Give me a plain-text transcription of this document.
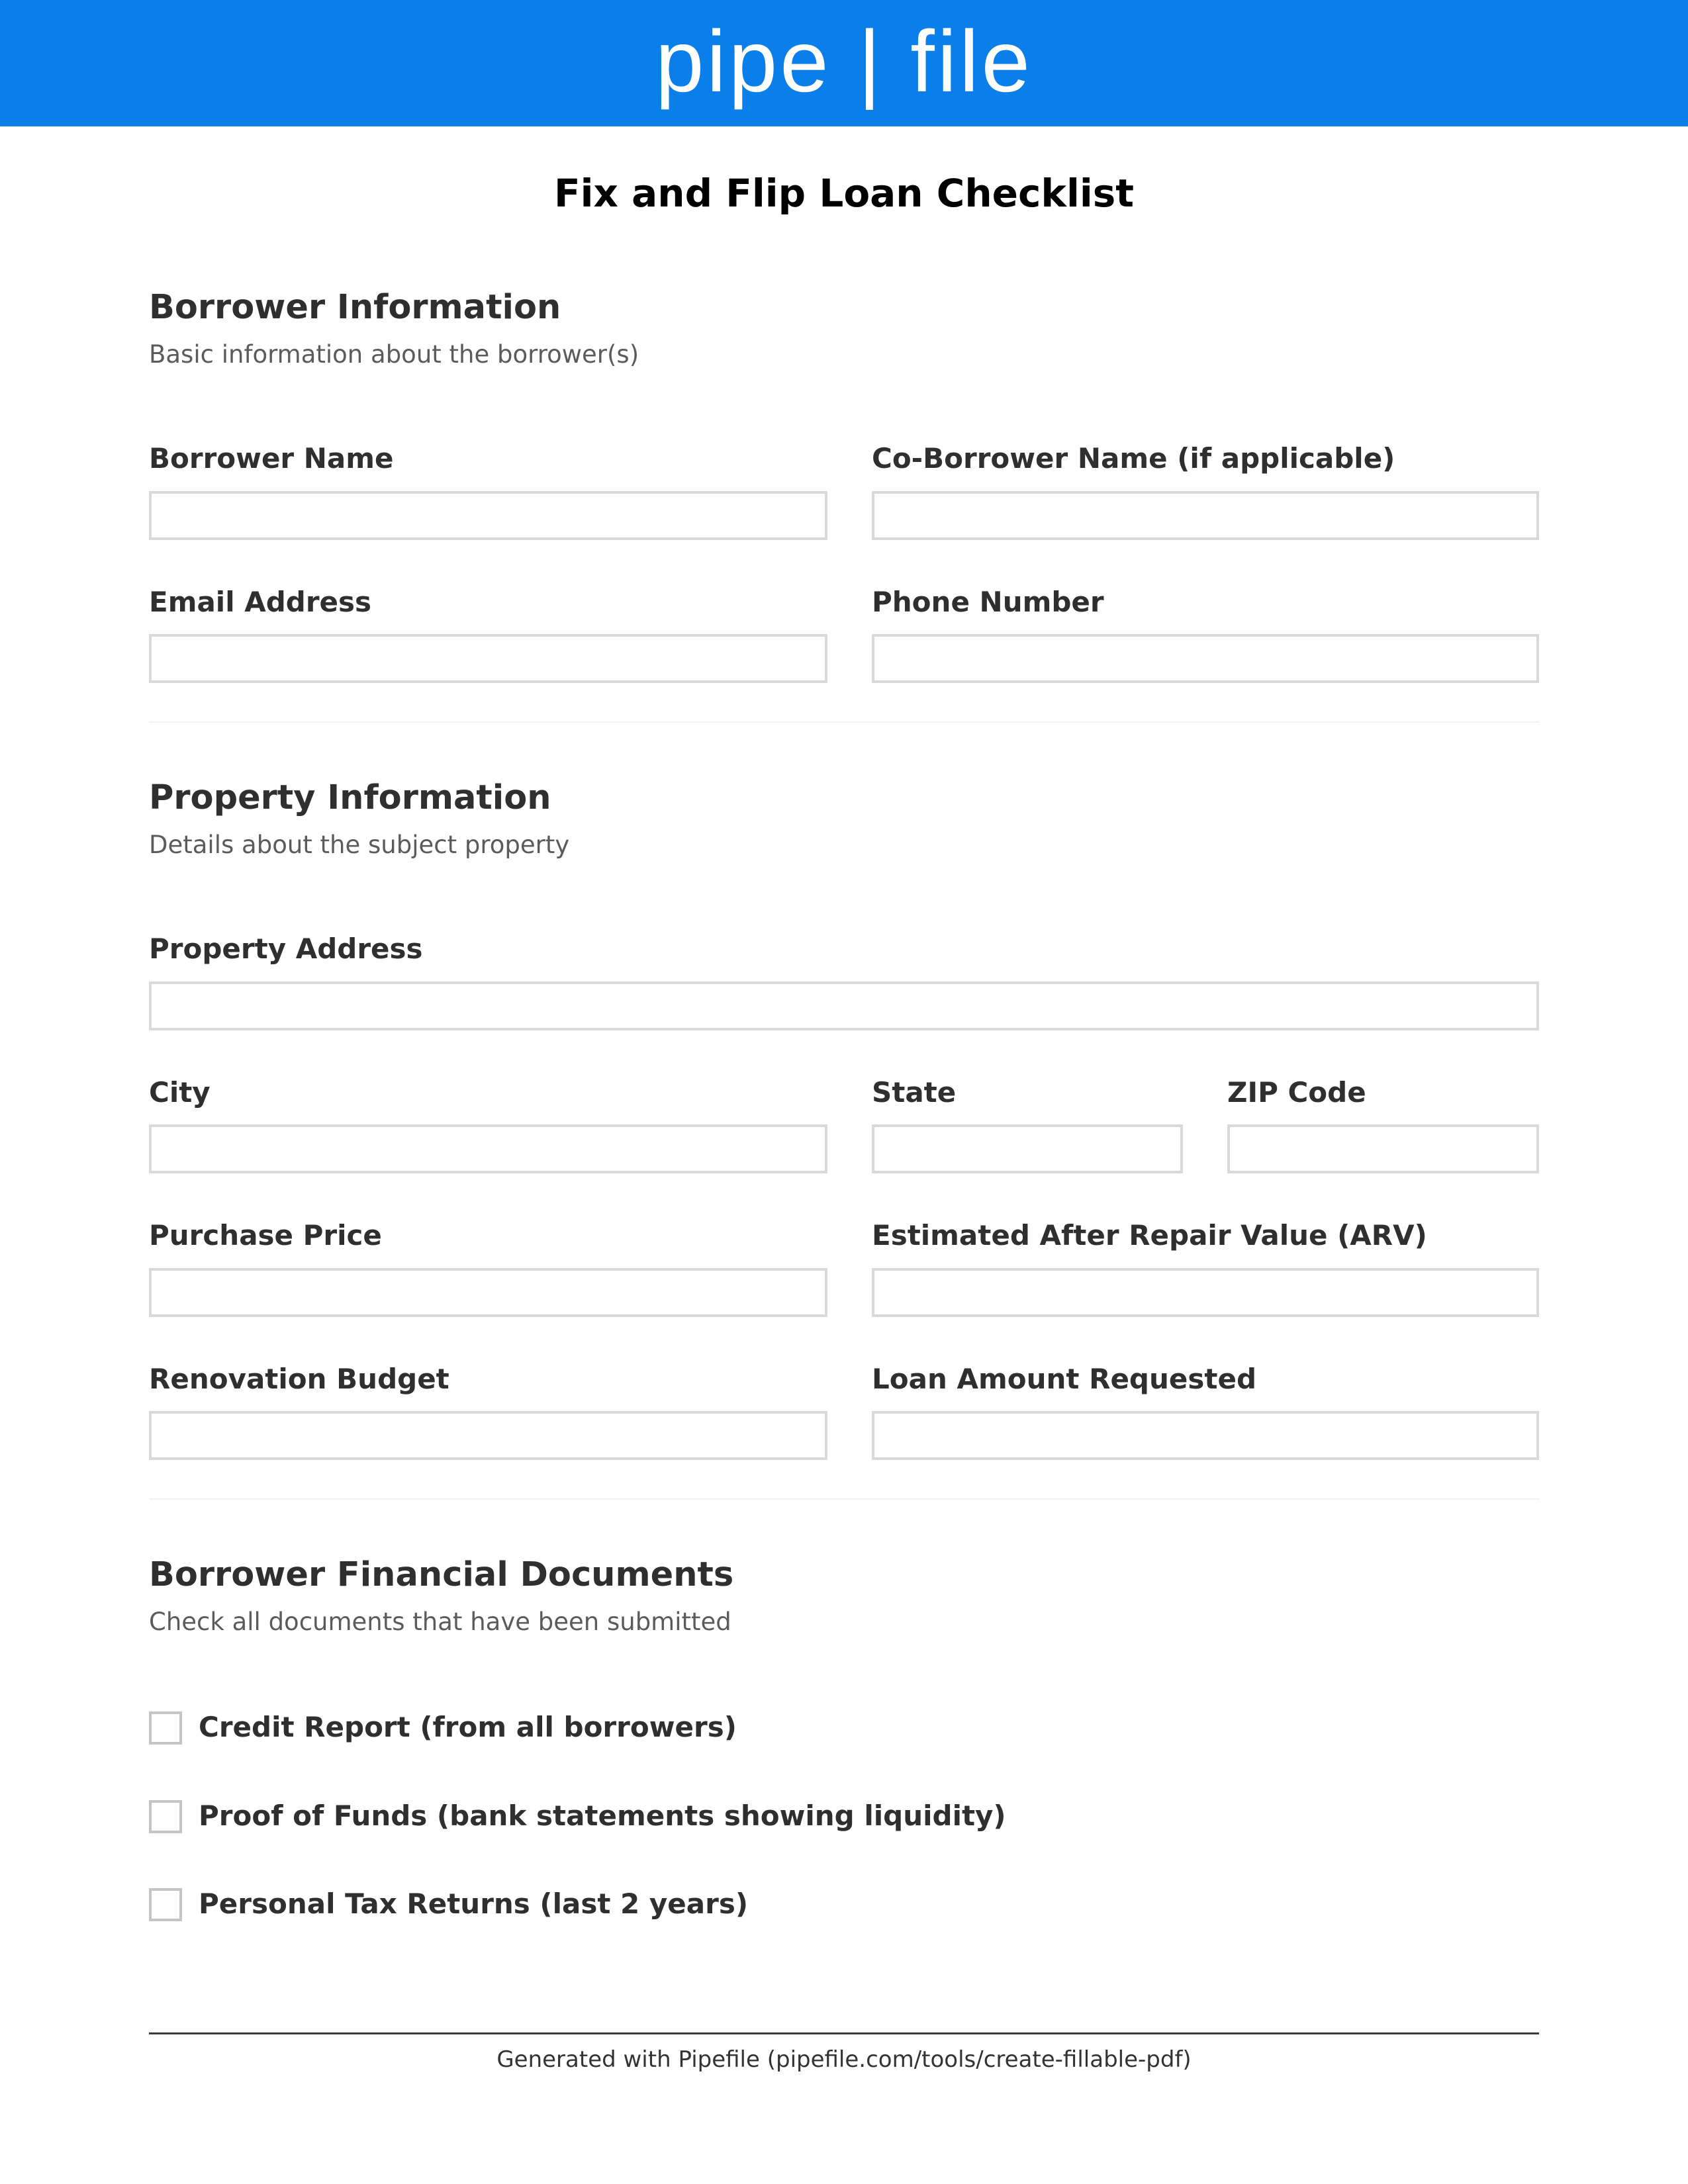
pipe | file
Fix and Flip Loan Checklist
Borrower Information
Basic information about the borrower(s)
Borrower Name	Co-Borrower Name (if applicable)
Email Address	Phone Number
Property Information
Details about the subject property
Property Address
City	State	ZIP Code
Purchase Price	Estimated After Repair Value (ARV)
Renovation Budget	Loan Amount Requested
Borrower Financial Documents
Check all documents that have been submitted
Credit Report (from all borrowers)
Proof of Funds (bank statements showing liquidity)
Personal Tax Returns (last 2 years)
Generated with Pipefile (pipefile.com/tools/create-fillable-pdf)
